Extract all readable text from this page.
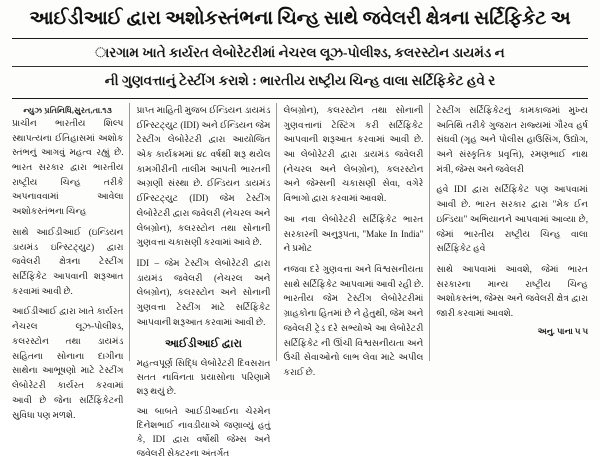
આઈડીઆઈ દ્વારા અશોકસ્તંભના ચિન્હ સાથે જવેલરી ક્ષેત્રના સર્ટિફિકેટ અ
ારગામ ખાતે કાર્યરત લેબોરેટરીમાં નેચરલ લૂઝ-પોલીશ્ડ, કલરસ્ટોન ડાયમંડ ન
ની ગુણવત્તાનું ટેસ્ટીંગ કરાશે : ભારતીય રાષ્ટ્રીય ચિન્હ વાલા સર્ટિફિકેટ હવે ર
ન્યુઝ પ્રતિનિધિ,સુરત,તા.૧૩

પ્રાચીન ભારતીય શિલ્પ સ્થાપત્યના ઈતિહાસમાં અશોક સ્તંભનું આગવું મહત્વ રહ્યું છે. ભારત સરકાર દ્વારા ભારતીય રાષ્ટ્રીય ચિન્હ તરીકે અપનાવવામાં આવેલા અશોકસ્તંભના ચિન્હ

સાથે આઈડીઆઈ (ઇન્ડિયન ડાયમંડ ઇન્સ્ટિટ્યુટ) દ્વારા જવેલરી ક્ષેત્રના ટેસ્ટીંગ સર્ટિફિકેટ આપવાની શરૂઆત કરવામાં આવી છે.

આઈડીઆઈ દ્વારા ખાતે કાર્યરત નેચરલ લૂઝ-પોલીશ્ડ, કલરસ્ટોન તથા ડાયમંડ સહિતના સોનાના દાગીના સાથેના આભૂષણો માટે ટેસ્ટીંગ લેબોરેટરી કાર્યરત કરવામાં આવી છે જેના સર્ટિફિકેટની સુવિધા પણ મળશે.

પ્રાપ્ત માહિતી મુજબ ઈન્ડિયન ડાયમંડ ઈન્સ્ટિટ્યુટ (IDI) અને ઈન્ડિયન જેમ ટેસ્ટીંગ લેબોરેટરી દ્વારા આયોજિત એક કાર્યક્રમમાં ૪૮ વર્ષથી શરૂ થયેલ કામગીરીની તાલીમ આપતી ભારતની અગ્રણી સંસ્થા છે. ઈન્ડિયન ડાયમંડ ઈન્સ્ટિટ્યુટ (IDI) જેમ ટેસ્ટીંગ લેબોરેટરી દ્વારા જવેલરી (નેચરલ અને લેબગ્રોન), કલરસ્ટોન તથા સોનાની ગુણવત્તા ચકાસણી કરવામાં આવે છે.

IDI – જેમ ટેસ્ટીંગ લેબોરેટરી દ્વારા ડાયમંડ જવેલરી (નેચરલ અને લેબગ્રોન), કલરસ્ટોન અને સોનાની ગુણવત્તા ટેસ્ટીંગ માટે સર્ટિફિકેટ આપવાની શરૂઆત કરવામાં આવી છે.

આઈડીઆઈ દ્વારા

મહત્વપૂર્ણ સિદ્ધિ લેબોરેટરી દિવસરાત સતત નાવિનતા પ્રયાસોના પરિણામે શરૂ થયું છે.

આ બાબતે આઈડીઆઈના ચેરમેન દિનેશભાઈ નાવડીયાએ જણાવ્યું હતું કે, IDI દ્વારા વર્ષોથી જેમ્સ અને જવેલરી સેક્ટરના અંતર્ગત

લેબગ્રોન), કલરસ્ટોન તથા સોનાની ગુણવત્તાનાં ટેસ્ટિંગ કરી સર્ટિફિકેટ આપવાની શરૂઆત કરવામાં આવી છે. આ લેબોરેટરી દ્વારા ડાયમંડ જવેલરી (નેચરલ અને લેબગ્રોન), કલરસ્ટોન અને જેમ્સની ચકાસણી સેવા, વગેરે વિભાગો દ્વારા કરવામાં આવશે.

આ નવા લેબોરેટરી સર્ટિફિકેટ ભારત સરકારની અનુરૂપતા, "Make In India" ને પ્રમોટ

નજવા દરે ગુણવત્તા અને વિશ્વસનીયતા સાથે સર્ટિફિકેટ આપવામાં આવી રહી છે. ભારતીય જેમ ટેસ્ટીંગ લેબોરેટરીમાં ગ્રાહકોના હિતમાં છે ને હેતુથી, જેમ અને જવેલરી ટ્રેડ દરે સભ્યોએ આ લેબોરેટરી સર્ટિફિકેટ ની ઊંચી વિશ્વસનીયતા અને ઉંચી સેવાઓનો લાભ લેવા માટે અપીલ કરાઈ છે.

ટેસ્ટીંગ સર્ટિફિકેટનું કામકાજમાં મુખ્ય અતિથિ તરીકે ગુજરાત રાજ્યમાં ગૌરવ હર્ષ સંઘવી (ગૃહ અને પોલીસ હાઉસિંગ, ઉદ્યોગ, અને સંસ્કૃતિક પ્રવૃત્તિ), રમણભાઈ નાથ મંત્રી, જેમ્સ અને જવેલરી

હવે IDI દ્વારા સર્ટિફિકેટ પણ આપવામાં આવી છે. ભારત સરકાર દ્વારા "મેક ઈન ઇન્ડિયા" અભિયાનને આપવામાં આવ્યા છે, જેમાં ભારતીય રાષ્ટ્રીય ચિન્હ વાલા સર્ટિફિકેટ હવે

સાથે આપવામાં આવશે, જેમાં ભારત સરકારના માન્ય રાષ્ટ્રીય ચિન્હ અશોકસ્તંભ, જેમ્સ અને જવેલરી ક્ષેત્ર દ્વારા જારી કરવામાં આવશે.

અનુ. પાના ૫ ૫
